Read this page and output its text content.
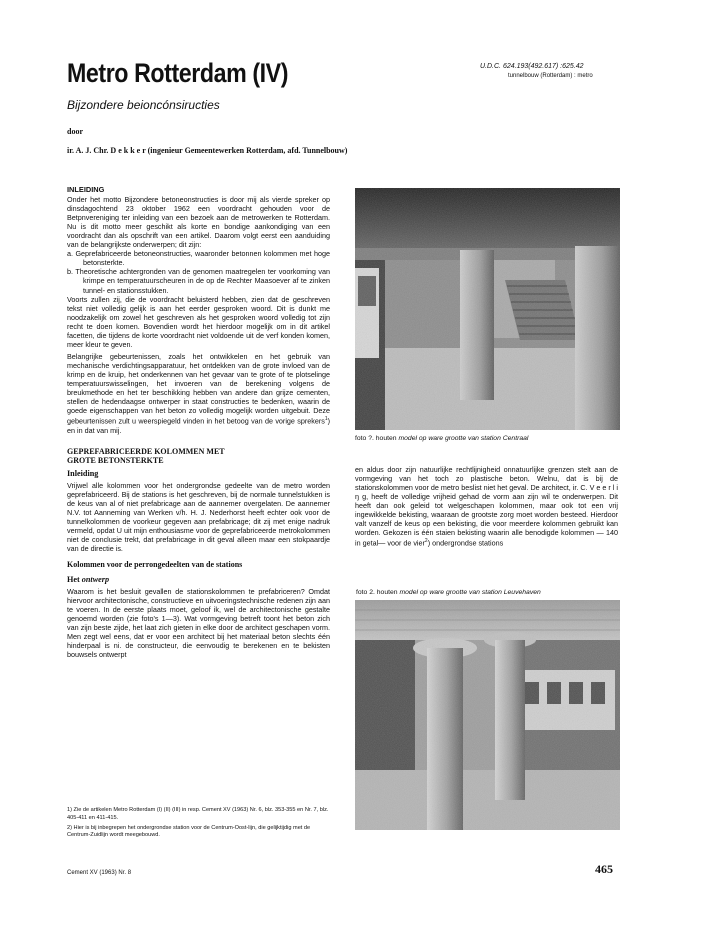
Metro Rotterdam (IV)
Bijzondere beioncónsiructies
U.D.C. 624.193(492.617) :625.42
tunnelbouw (Rotterdam) : metro
door
ir. A. J. Chr. D e k k e r (ingenieur Gemeentewerken Rotterdam, afd. Tunnelbouw)

INLEIDING

Onder het motto Bijzondere betoneonstructies is door mij als vierde spreker op dinsdagochtend 23 oktober 1962 een voordracht gehouden voor de Betpnvereniging ter inleiding van een bezoek aan de metrowerken te Rotterdam. Nu is dit motto meer geschikt als korte en bondige aankondiging van een voordracht dan als opschrift van een artikel. Daarom volgt eerst een aanduiding van de belangrijkste onderwerpen; dit zijn:

a. Geprefabriceerde betoneonstructies, waaronder betonnen kolommen met hoge betonsterkte.

b. Theoretische achtergronden van de genomen maatregelen ter voorkoming van krimpe en temperatuurscheuren in de op de Rechter Maasoever af te zinken tunnel- en stationsstukken.

Voorts zullen zij, die de voordracht beluisterd hebben, zien dat de geschreven tekst niet volledig gelijk is aan het eerder gesproken woord. Dit is dunkt me noodzakelijk om zowel het geschreven als het gesproken woord volledig tot zijn recht te doen komen. Bovendien wordt het hierdoor mogelijk om in dit artikel facetten, die tijdens de korte voordracht niet voldoende uit de verf konden komen, meer kleur te geven.

Belangrijke gebeurtenissen, zoals het ontwikkelen en het gebruik van mechanische verdichtingsapparatuur, het ontdekken van de grote invloed van de krimp en de kruip, het onderkennen van het gevaar van te grote of te plotselinge temperatuurswisselingen, het invoeren van de berekening volgens de breukmethode en het ter beschikking hebben van andere dan grijze cementen, stellen de hedendaagse ontwerper in staat constructies te bedenken, waarin de goede eigenschappen van het beton zo volledig mogelijk worden uitgebuit. Deze gebeurtenissen zult u weerspiegeld vinden in het betoog van de vorige sprekers$^1$) en in dat van mij.

GEPREFABRICEERDE KOLOMMEN MET GROTE BETONSTERKTE

Inleiding

Vrijwel alle kolommen voor het ondergrondse gedeelte van de metro worden geprefabriceerd. Bij de stations is het geschreven, bij de normale tunnelstukken is de keus van al of niet prefabricage aan de aannemer overgelaten. De aannemer N.V. tot Aanneming van Werken v/h. H. J. Nederhorst heeft echter ook voor de tunnelkolommen de voorkeur gegeven aan prefabricage; dit zij met enige nadruk vermeld, opdat U uit mijn enthousiasme voor de geprefabriceerde metrokolommen niet de conclusie trekt, dat prefabricage in dit geval alleen maar een stokpaardje van de directie is.

Kolommen voor de perrongedeelten van de stations

Het ontwerp

Waarom is het besluit gevallen de stationskolommen te prefabriceren? Omdat hiervoor architectonische, constructieve en uitvoeringstechnische redenen zijn aan te voeren. In de eerste plaats moet, geloof ik, wel de architectonische gestalte genoemd worden (zie foto's 1—3). Wat vormgeving betreft toont het beton zich van zijn beste zijde, het laat zich gieten in elke door de architect geschapen vorm. Men zegt wel eens, dat er voor een architect bij het materiaal beton slechts één hinderpaal is ni. de constructeur, die eenvoudig te berekenen en te bekisten bouwsels ontwerpt

1) Zie de artikelen Metro Rotterdam (I) (II) (III) in resp. Cement XV (1963) Nr. 6, blz. 353-355 en Nr. 7, blz. 405-411 en 411-415.

2) Hier is bij inbegrepen het ondergrondse station voor de Centrum-Oost-lijn, die gelijktijdig met de Centrum-Zuidlijn wordt meegebouwd.

Cement XV (1963) Nr. 8	465
foto ?. houten model op ware grootte van station Centraal

en aldus door zijn natuurlijke rechtlijnigheid onnatuurlijke grenzen stelt aan de vormgeving van het toch zo plastische beton. Welnu, dat is bij de stationskolommen voor de metro beslist niet het geval. De architect, ir. C. V e e r l i ŋ g, heeft de volledige vrijheid gehad de vorm aan zijn wil te onderwerpen. Dit heeft dan ook geleid tot welgeschapen kolommen, maar ook tot een vrij ingewikkelde bekisting, waaraan de grootste zorg moet worden besteed. Hierdoor valt vanzelf de keus op een bekisting, die voor meerdere kolommen gebruikt kan worden. Gekozen is één staien bekisting waarin alle benodigde kolommen — 140 in getal— voor de vier$^2$) ondergrondse stations

foto 2. houten model op ware grootte van station Leuvehaven
